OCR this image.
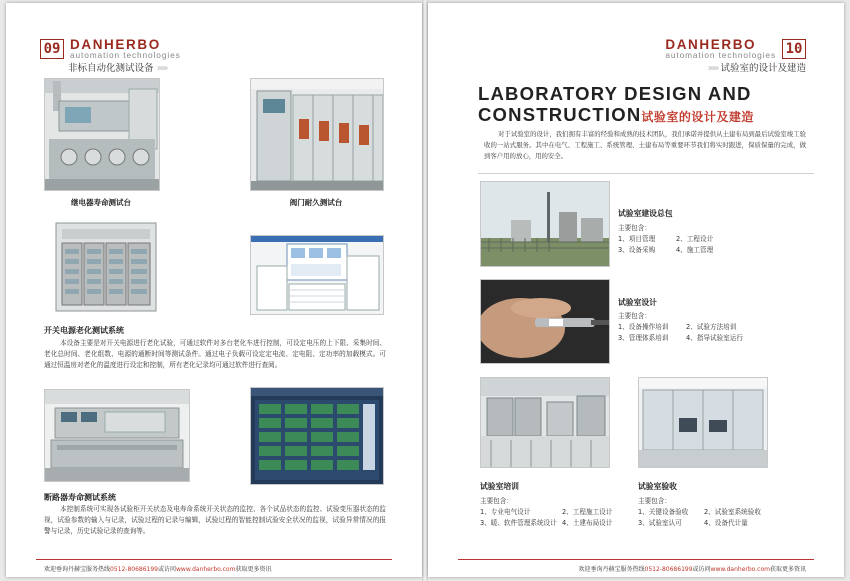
09 DANHERBO
automation technologies
非标自动化测试设备 ›››››
继电器寿命测试台	阀门耐久测试台
开关电源老化测试系统
本设备主要是对开关电源进行老化试验，可通过软件对多台老化车进行控制，可设定电压的上下限、采集时间、老化总时间、老化组数、电源的通断时间等测试条件。通过电子负载可设定定电流、定电阻、定功率的加载模式。可通过恒温房对老化的温度进行设定和控制，所有老化记录均可通过软件进行查阅。
断路器寿命测试系统
本控制系统可实现各试验柜开关状态及电寿命系统开关状态的监控、各个试品状态的监控、试验变压器状态的监视，试验参数的输入与记录，试验过程的记录与编辑，试验过程的智能控制试验安全状况的监视，试验异常情况的报警与记录，历史试验记录的查询等。
欢迎垂询丹赫宝服务热线0512-80686199或访问www.danherbo.com获取更多资讯
DANHERBO
automation technologies 10
››››› 试验室的设计及建造
LABORATORY DESIGN AND
CONSTRUCTION试验室的设计及建造
对于试验室的设计，我们拥有丰富的经验和成熟的技术团队，我们承诺并提供从土建布局到最后试验室竣工验收的一站式服务。其中在电气、工程施工、系统管理、土建布局等重要环节我们将实时跟进，保质保量的完成，做到客户用的放心，用的安全。
试验室建设总包
主要包含：
1、项目管理	2、工程设计
3、设备采购	4、施工管理
试验室设计
主要包含：
1、设备操作培训	2、试验方法培训
3、管理体系培训	4、指导试验室运行
试验室培训
主要包含：
1、专业电气设计	2、工程施工设计
3、暖、软件管理系统设计 4、土建布局设计
试验室验收
主要包含：
1、关键设备验收 2、试验室系统验收
3、试验室认可	4、设备代计量
欢迎垂询丹赫宝服务热线0512-80686199或访问www.danherbo.com获取更多资讯
